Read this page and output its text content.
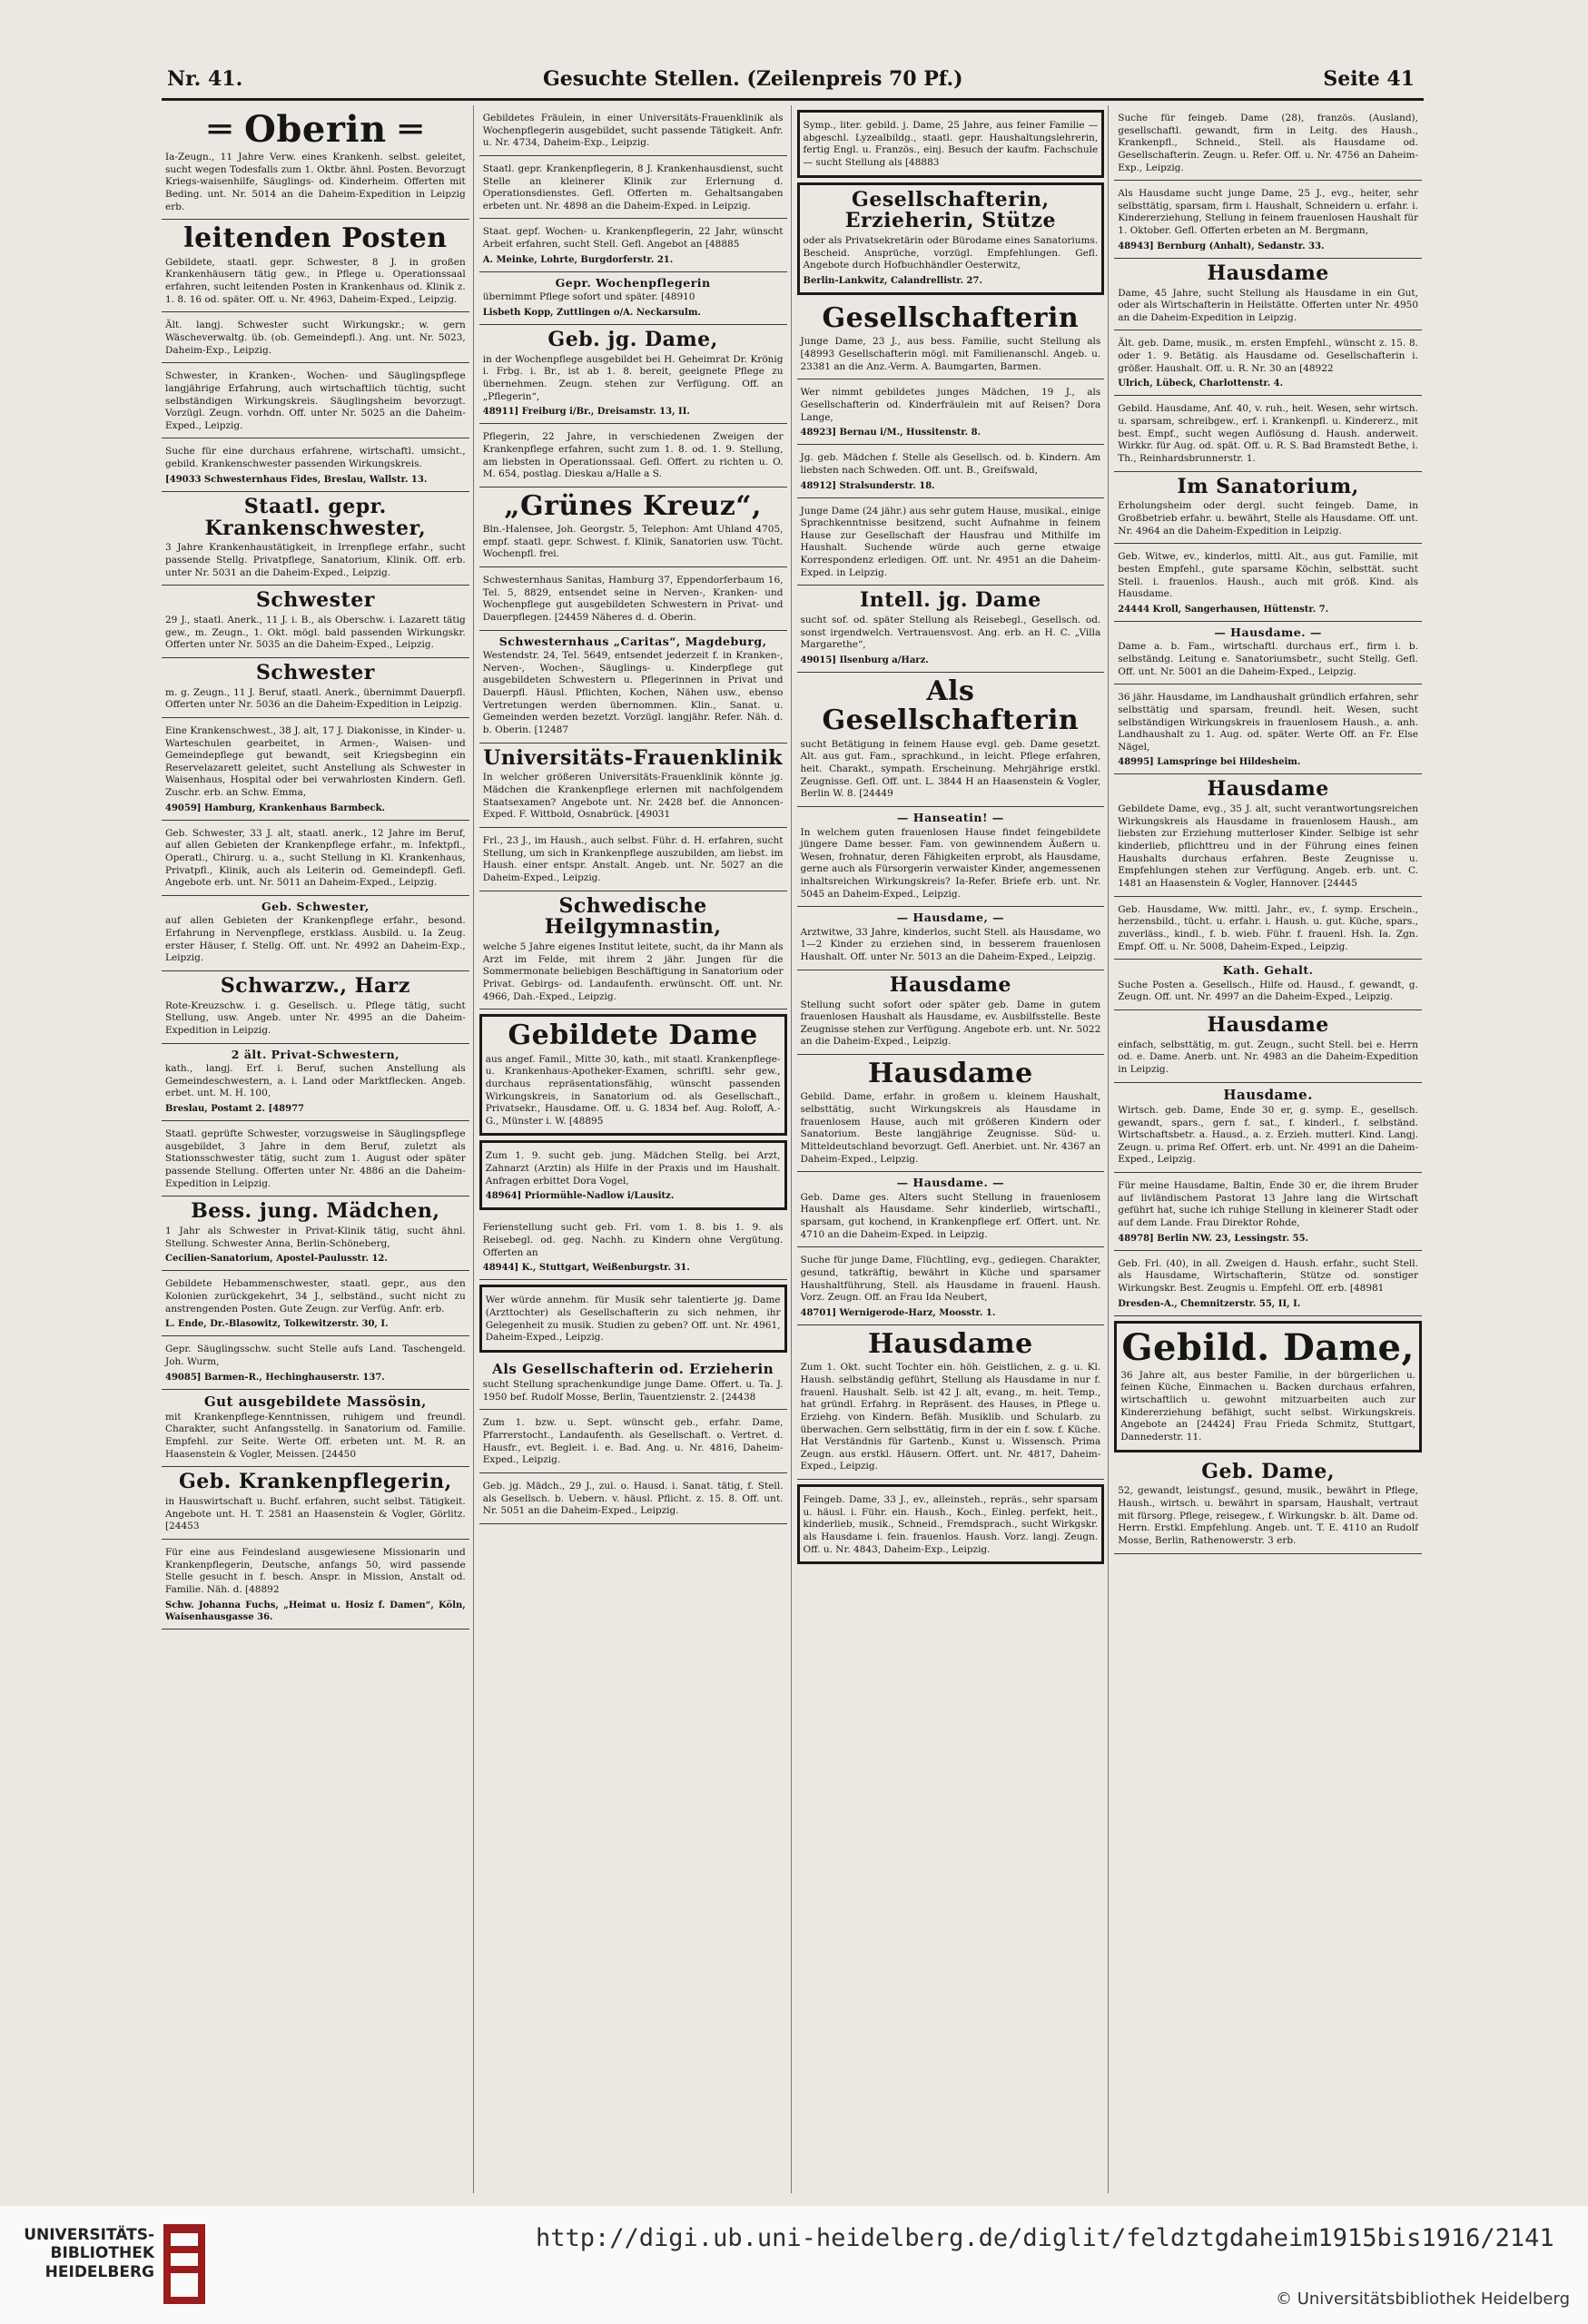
Nr. 41.	Gesuchte Stellen. (Zeilenpreis 70 Pf.)	Seite 41
═ Oberin ═
Ia-Zeugn., 11 Jahre Verw. eines Krankenh. selbst. geleitet, sucht wegen Todesfalls zum 1. Oktbr. ähnl. Posten. Bevorzugt Kriegs-waisenhilfe, Säuglings- od. Kinderheim. Offerten mit Beding. unt. Nr. 5014 an die Daheim-Expedition in Leipzig erb.
leitenden Posten
Gebildete, staatl. gepr. Schwester, 8 J. in großen Krankenhäusern tätig gew., in Pflege u. Operationssaal erfahren, sucht leitenden Posten in Krankenhaus od. Klinik z. 1. 8. 16 od. später. Off. u. Nr. 4963, Daheim-Exped., Leipzig.
Ält. langj. Schwester sucht Wirkungskr.; w. gern Wäscheverwaltg. üb. (ob. Gemeindepfl.). Ang. unt. Nr. 5023, Daheim-Exp., Leipzig.
Schwester, in Kranken-, Wochen- und Säuglingspflege langjährige Erfahrung, auch wirtschaftlich tüchtig, sucht selbständigen Wirkungskreis. Säuglingsheim bevorzugt. Vorzügl. Zeugn. vorhdn. Off. unter Nr. 5025 an die Daheim-Exped., Leipzig.
Suche für eine durchaus erfahrene, wirtschaftl. umsicht., gebild. Krankenschwester passenden Wirkungskreis.
[49033 Schwesternhaus Fides, Breslau, Wallstr. 13.
Staatl. gepr. Krankenschwester,
3 Jahre Krankenhaustätigkeit, in Irrenpflege erfahr., sucht passende Stellg. Privatpflege, Sanatorium, Klinik. Off. erb. unter Nr. 5031 an die Daheim-Exped., Leipzig.
Schwester
29 J., staatl. Anerk., 11 J. i. B., als Oberschw. i. Lazarett tätig gew., m. Zeugn., 1. Okt. mögl. bald passenden Wirkungskr. Offerten unter Nr. 5035 an die Daheim-Exped., Leipzig.
Schwester
m. g. Zeugn., 11 J. Beruf, staatl. Anerk., übernimmt Dauerpfl. Offerten unter Nr. 5036 an die Daheim-Expedition in Leipzig.
Eine Krankenschwest., 38 J. alt, 17 J. Diakonisse, in Kinder- u. Warteschulen gearbeitet, in Armen-, Waisen- und Gemeindepflege gut bewandt, seit Kriegsbeginn ein Reservelazarett geleitet, sucht Anstellung als Schwester in Waisenhaus, Hospital oder bei verwahrlosten Kindern. Gefl. Zuschr. erb. an Schw. Emma,
49059] Hamburg, Krankenhaus Barmbeck.
Geb. Schwester, 33 J. alt, staatl. anerk., 12 Jahre im Beruf, auf allen Gebieten der Krankenpflege erfahr., m. Infektpfl., Operatl., Chirurg. u. a., sucht Stellung in Kl. Krankenhaus, Privatpfl., Klinik, auch als Leiterin od. Gemeindepfl. Gefl. Angebote erb. unt. Nr. 5011 an Daheim-Exped., Leipzig.
Geb. Schwester,
auf allen Gebieten der Krankenpflege erfahr., besond. Erfahrung in Nervenpflege, erstklass. Ausbild. u. Ia Zeug. erster Häuser, f. Stellg. Off. unt. Nr. 4992 an Daheim-Exp., Leipzig.
Schwarzw., Harz
Rote-Kreuzschw. i. g. Gesellsch. u. Pflege tätig, sucht Stellung, usw. Angeb. unter Nr. 4995 an die Daheim-Expedition in Leipzig.
2 ält. Privat-Schwestern,
kath., langj. Erf. i. Beruf, suchen Anstellung als Gemeindeschwestern, a. i. Land oder Marktflecken. Angeb. erbet. unt. M. H. 100,
Breslau, Postamt 2. [48977
Staatl. geprüfte Schwester, vorzugsweise in Säuglingspflege ausgebildet, 3 Jahre in dem Beruf, zuletzt als Stationsschwester tätig, sucht zum 1. August oder später passende Stellung. Offerten unter Nr. 4886 an die Daheim-Expedition in Leipzig.
Bess. jung. Mädchen,
1 Jahr als Schwester in Privat-Klinik tätig, sucht ähnl. Stellung. Schwester Anna, Berlin-Schöneberg,
Cecilien-Sanatorium, Apostel-Paulusstr. 12.
Gebildete Hebammenschwester, staatl. gepr., aus den Kolonien zurückgekehrt, 34 J., selbständ., sucht nicht zu anstrengenden Posten. Gute Zeugn. zur Verfüg. Anfr. erb.
L. Ende, Dr.-Blasowitz, Tolkewitzerstr. 30, I.
Gepr. Säuglingsschw. sucht Stelle aufs Land. Taschengeld. Joh. Wurm,
49085] Barmen-R., Hechinghauserstr. 137.
Gut ausgebildete Massösin,
mit Krankenpflege-Kenntnissen, ruhigem und freundl. Charakter, sucht Anfangsstellg. in Sanatorium od. Familie. Empfehl. zur Seite. Werte Off. erbeten unt. M. R. an Haasenstein & Vogler, Meissen. [24450
Geb. Krankenpflegerin,
in Hauswirtschaft u. Buchf. erfahren, sucht selbst. Tätigkeit. Angebote unt. H. T. 2581 an Haasenstein & Vogler, Görlitz. [24453
Für eine aus Feindesland ausgewiesene Missionarin und Krankenpflegerin, Deutsche, anfangs 50, wird passende Stelle gesucht in f. besch. Anspr. in Mission, Anstalt od. Familie. Näh. d. [48892
Schw. Johanna Fuchs, „Heimat u. Hosiz f. Damen“, Köln, Waisenhausgasse 36.
Gebildetes Fräulein, in einer Universitäts-Frauenklinik als Wochenpflegerin ausgebildet, sucht passende Tätigkeit. Anfr. u. Nr. 4734, Daheim-Exp., Leipzig.
Staatl. gepr. Krankenpflegerin, 8 J. Krankenhausdienst, sucht Stelle an kleinerer Klinik zur Erlernung d. Operationsdienstes. Gefl. Offerten m. Gehaltsangaben erbeten unt. Nr. 4898 an die Daheim-Exped. in Leipzig.
Staat. gepf. Wochen- u. Krankenpflegerin, 22 Jahr, wünscht Arbeit erfahren, sucht Stell. Gefl. Angebot an [48885
A. Meinke, Lohrte, Burgdorferstr. 21.
Gepr. Wochenpflegerin
übernimmt Pflege sofort und später. [48910
Lisbeth Kopp, Zuttlingen o/A. Neckarsulm.
Geb. jg. Dame,
in der Wochenpflege ausgebildet bei H. Geheimrat Dr. Krönig i. Frbg. i. Br., ist ab 1. 8. bereit, geeignete Pflege zu übernehmen. Zeugn. stehen zur Verfügung. Off. an „Pflegerin“,
48911] Freiburg i/Br., Dreisamstr. 13, II.
Pflegerin, 22 Jahre, in verschiedenen Zweigen der Krankenpflege erfahren, sucht zum 1. 8. od. 1. 9. Stellung, am liebsten in Operationssaal. Gefl. Offert. zu richten u. O. M. 654, postlag. Dieskau a/Halle a S.
„Grünes Kreuz“,
Bln.-Halensee, Joh. Georgstr. 5, Telephon: Amt Uhland 4705, empf. staatl. gepr. Schwest. f. Klinik, Sanatorien usw. Tücht. Wochenpfl. frei.
Schwesternhaus Sanitas, Hamburg 37, Eppendorferbaum 16, Tel. 5, 8829, entsendet seine in Nerven-, Kranken- und Wochenpflege gut ausgebildeten Schwestern in Privat- und Dauerpflegen. [24459 Näheres d. d. Oberin.
Schwesternhaus „Caritas“, Magdeburg,
Westendstr. 24, Tel. 5649, entsendet jederzeit f. in Kranken-, Nerven-, Wochen-, Säuglings- u. Kinderpflege gut ausgebildeten Schwestern u. Pflegerinnen in Privat und Dauerpfl. Häusl. Pflichten, Kochen, Nähen usw., ebenso Vertretungen werden übernommen. Klin., Sanat. u. Gemeinden werden bezetzt. Vorzügl. langjähr. Refer. Näh. d. b. Oberin. [12487
Universitäts-Frauenklinik
In welcher größeren Universitäts-Frauenklinik könnte jg. Mädchen die Krankenpflege erlernen mit nachfolgendem Staatsexamen? Angebote unt. Nr. 2428 bef. die Annoncen-Exped. F. Wittbold, Osnabrück. [49031
Frl., 23 J., im Haush., auch selbst. Führ. d. H. erfahren, sucht Stellung, um sich in Krankenpflege auszubilden, am liebst. im Haush. einer entspr. Anstalt. Angeb. unt. Nr. 5027 an die Daheim-Exped., Leipzig.
Schwedische Heilgymnastin,
welche 5 Jahre eigenes Institut leitete, sucht, da ihr Mann als Arzt im Felde, mit ihrem 2 jähr. Jungen für die Sommermonate beliebigen Beschäftigung in Sanatorium oder Privat. Gebirgs- od. Landaufenth. erwünscht. Off. unt. Nr. 4966, Dah.-Exped., Leipzig.
Gebildete Dame
aus angef. Famil., Mitte 30, kath., mit staatl. Krankenpflege- u. Krankenhaus-Apotheker-Examen, schriftl. sehr gew., durchaus repräsentationsfähig, wünscht passenden Wirkungskreis, in Sanatorium od. als Gesellschaft., Privatsekr., Hausdame. Off. u. G. 1834 bef. Aug. Roloff, A.-G., Münster i. W. [48895
Zum 1. 9. sucht geb. jung. Mädchen Stellg. bei Arzt, Zahnarzt (Arztin) als Hilfe in der Praxis und im Haushalt. Anfragen erbittet Dora Vogel,
48964] Priormühle-Nadlow i/Lausitz.
Ferienstellung sucht geb. Frl. vom 1. 8. bis 1. 9. als Reisebegl. od. geg. Nachh. zu Kindern ohne Vergütung. Offerten an
48944] K., Stuttgart, Weißenburgstr. 31.
Wer würde annehm. für Musik sehr talentierte jg. Dame (Arzttochter) als Gesellschafterin zu sich nehmen, ihr Gelegenheit zu musik. Studien zu geben? Off. unt. Nr. 4961, Daheim-Exped., Leipzig.
Als Gesellschafterin od. Erzieherin
sucht Stellung sprachenkundige junge Dame. Offert. u. Ta. J. 1950 bef. Rudolf Mosse, Berlin, Tauentzienstr. 2. [24438
Zum 1. bzw. u. Sept. wünscht geb., erfahr. Dame, Pfarrerstocht., Landaufenth. als Gesellschaft. o. Vertret. d. Hausfr., evt. Begleit. i. e. Bad. Ang. u. Nr. 4816, Daheim-Exped., Leipzig.
Geb. jg. Mädch., 29 J., zul. o. Hausd. i. Sanat. tätig, f. Stell. als Gesellsch. b. Uebern. v. häusl. Pflicht. z. 15. 8. Off. unt. Nr. 5051 an die Daheim-Exped., Leipzig.
Symp., liter. gebild. j. Dame, 25 Jahre, aus feiner Familie — abgeschl. Lyzealbildg., staatl. gepr. Haushaltungslehrerin, fertig Engl. u. Französ., einj. Besuch der kaufm. Fachschule — sucht Stellung als [48883
Gesellschafterin, Erzieherin, Stütze
oder als Privatsekretärin oder Bürodame eines Sanatoriums. Bescheid. Ansprüche, vorzügl. Empfehlungen. Gefl. Angebote durch Hofbuchhändler Oesterwitz,
Berlin-Lankwitz, Calandrellistr. 27.
Gesellschafterin
Junge Dame, 23 J., aus bess. Familie, sucht Stellung als [48993 Gesellschafterin mögl. mit Familienanschl. Angeb. u. 23381 an die Anz.-Verm. A. Baumgarten, Barmen.
Wer nimmt gebildetes junges Mädchen, 19 J., als Gesellschafterin od. Kinderfräulein mit auf Reisen? Dora Lange,
48923] Bernau i/M., Hussitenstr. 8.
Jg. geb. Mädchen f. Stelle als Gesellsch. od. b. Kindern. Am liebsten nach Schweden. Off. unt. B., Greifswald,
48912] Stralsunderstr. 18.
Junge Dame (24 jähr.) aus sehr gutem Hause, musikal., einige Sprachkenntnisse besitzend, sucht Aufnahme in feinem Hause zur Gesellschaft der Hausfrau und Mithilfe im Haushalt. Suchende würde auch gerne etwaige Korrespondenz erledigen. Off. unt. Nr. 4951 an die Daheim-Exped. in Leipzig.
Intell. jg. Dame
sucht sof. od. später Stellung als Reisebegl., Gesellsch. od. sonst irgendwelch. Vertrauensvost. Ang. erb. an H. C. „Villa Margarethe“,
49015] Ilsenburg a/Harz.
Als Gesellschafterin
sucht Betätigung in feinem Hause evgl. geb. Dame gesetzt. Alt. aus gut. Fam., sprachkund., in leicht. Pflege erfahren, heit. Charakt., sympath. Erscheinung. Mehrjährige erstkl. Zeugnisse. Gefl. Off. unt. L. 3844 H an Haasenstein & Vogler, Berlin W. 8. [24449
— Hanseatin! —
In welchem guten frauenlosen Hause findet feingebildete jüngere Dame besser. Fam. von gewinnendem Äußern u. Wesen, frohnatur, deren Fähigkeiten erprobt, als Hausdame, gerne auch als Fürsorgerin verwaister Kinder, angemessenen inhaltsreichen Wirkungskreis? Ia-Refer. Briefe erb. unt. Nr. 5045 an Daheim-Exped., Leipzig.
— Hausdame, —
Arztwitwe, 33 Jahre, kinderlos, sucht Stell. als Hausdame, wo 1—2 Kinder zu erziehen sind, in besserem frauenlosen Haushalt. Off. unter Nr. 5013 an die Daheim-Exped., Leipzig.
Hausdame
Stellung sucht sofort oder später geb. Dame in gutem frauenlosen Haushalt als Hausdame, ev. Ausbilfsstelle. Beste Zeugnisse stehen zur Verfügung. Angebote erb. unt. Nr. 5022 an die Daheim-Exped., Leipzig.
Hausdame
Gebild. Dame, erfahr. in großem u. kleinem Haushalt, selbsttätig, sucht Wirkungskreis als Hausdame in frauenlosem Hause, auch mit größeren Kindern oder Sanatorium. Beste langjährige Zeugnisse. Süd- u. Mitteldeutschland bevorzugt. Gefl. Anerbiet. unt. Nr. 4367 an Daheim-Exped., Leipzig.
— Hausdame. —
Geb. Dame ges. Alters sucht Stellung in frauenlosem Haushalt als Hausdame. Sehr kinderlieb, wirtschaftl., sparsam, gut kochend, in Krankenpflege erf. Offert. unt. Nr. 4710 an die Daheim-Exped. in Leipzig.
Suche für junge Dame, Flüchtling, evg., gediegen. Charakter, gesund, tatkräftig, bewährt in Küche und sparsamer Haushaltführung, Stell. als Hausdame in frauenl. Haush. Vorz. Zeugn. Off. an Frau Ida Neubert,
48701] Wernigerode-Harz, Moosstr. 1.
Hausdame
Zum 1. Okt. sucht Tochter ein. höh. Geistlichen, z. g. u. Kl. Haush. selbständig geführt, Stellung als Hausdame in nur f. frauenl. Haushalt. Selb. ist 42 J. alt, evang., m. heit. Temp., hat gründl. Erfahrg. in Repräsent. des Hauses, in Pflege u. Erziehg. von Kindern. Befäh. Musiklib. und Schularb. zu überwachen. Gern selbsttätig, firm in der ein f. sow. f. Küche. Hat Verständnis für Gartenb., Kunst u. Wissensch. Prima Zeugn. aus erstkl. Häusern. Offert. unt. Nr. 4817, Daheim-Exped., Leipzig.
Feingeb. Dame, 33 J., ev., alleinsteh., repräs., sehr sparsam u. häusl. i. Führ. ein. Haush., Koch., Einleg. perfekt, heit., kinderlieb, musik., Schneid., Fremdsprach., sucht Wirkgskr. als Hausdame i. fein. frauenlos. Haush. Vorz. langj. Zeugn. Off. u. Nr. 4843, Daheim-Exp., Leipzig.
Suche für feingeb. Dame (28), französ. (Ausland), gesellschaftl. gewandt, firm in Leitg. des Haush., Krankenpfl., Schneid., Stell. als Hausdame od. Gesellschafterin. Zeugn. u. Refer. Off. u. Nr. 4756 an Daheim-Exp., Leipzig.
Als Hausdame sucht junge Dame, 25 J., evg., heiter, sehr selbsttätig, sparsam, firm i. Haushalt, Schneidern u. erfahr. i. Kindererziehung, Stellung in feinem frauenlosen Haushalt für 1. Oktober. Gefl. Offerten erbeten an M. Bergmann,
48943] Bernburg (Anhalt), Sedanstr. 33.
Hausdame
Dame, 45 Jahre, sucht Stellung als Hausdame in ein Gut, oder als Wirtschafterin in Heilstätte. Offerten unter Nr. 4950 an die Daheim-Expedition in Leipzig.
Ält. geb. Dame, musik., m. ersten Empfehl., wünscht z. 15. 8. oder 1. 9. Betätig. als Hausdame od. Gesellschafterin i. größer. Haushalt. Off. u. R. Nr. 30 an [48922
Ulrich, Lübeck, Charlottenstr. 4.
Gebild. Hausdame, Anf. 40, v. ruh., heit. Wesen, sehr wirtsch. u. sparsam, schreibgew., erf. i. Krankenpfl. u. Kindererz., mit best. Empf., sucht wegen Auflösung d. Haush. anderweit. Wirkkr. für Aug. od. spät. Off. u. R. S. Bad Bramstedt Bethe, i. Th., Reinhardsbrunnerstr. 1.
Im Sanatorium,
Erholungsheim oder dergl. sucht feingeb. Dame, in Großbetrieb erfahr. u. bewährt, Stelle als Hausdame. Off. unt. Nr. 4964 an die Daheim-Expedition in Leipzig.
Geb. Witwe, ev., kinderlos, mittl. Alt., aus gut. Familie, mit besten Empfehl., gute sparsame Köchin, selbsttät. sucht Stell. i. frauenlos. Haush., auch mit größ. Kind. als Hausdame.
24444 Kroll, Sangerhausen, Hüttenstr. 7.
— Hausdame. —
Dame a. b. Fam., wirtschaftl. durchaus erf., firm i. b. selbständg. Leitung e. Sanatoriumsbetr., sucht Stellg. Gefl. Off. unt. Nr. 5001 an die Daheim-Exped., Leipzig.
36 jähr. Hausdame, im Landhaushalt gründlich erfahren, sehr selbsttätig und sparsam, freundl. heit. Wesen, sucht selbständigen Wirkungskreis in frauenlosem Haush., a. anh. Landhaushalt zu 1. Aug. od. später. Werte Off. an Fr. Else Nägel,
48995] Lamspringe bei Hildesheim.
Hausdame
Gebildete Dame, evg., 35 J. alt, sucht verantwortungsreichen Wirkungskreis als Hausdame in frauenlosem Haush., am liebsten zur Erziehung mutterloser Kinder. Selbige ist sehr kinderlieb, pflichttreu und in der Führung eines feinen Haushalts durchaus erfahren. Beste Zeugnisse u. Empfehlungen stehen zur Verfügung. Angeb. erb. unt. C. 1481 an Haasenstein & Vogler, Hannover. [24445
Geb. Hausdame, Ww. mittl. Jahr., ev., f. symp. Erschein., herzensbild., tücht. u. erfahr. i. Haush. u. gut. Küche, spars., zuverläss., kindl., f. b. wieb. Führ. f. frauenl. Hsh. Ia. Zgn. Empf. Off. u. Nr. 5008, Daheim-Exped., Leipzig.
Kath. Gehalt.
Suche Posten a. Gesellsch., Hilfe od. Hausd., f. gewandt, g. Zeugn. Off. unt. Nr. 4997 an die Daheim-Exped., Leipzig.
Hausdame
einfach, selbsttätig, m. gut. Zeugn., sucht Stell. bei e. Herrn od. e. Dame. Anerb. unt. Nr. 4983 an die Daheim-Expedition in Leipzig.
Hausdame.
Wirtsch. geb. Dame, Ende 30 er, g. symp. E., gesellsch. gewandt, spars., gern f. sat., f. kinderl., f. selbständ. Wirtschaftsbetr. a. Hausd., a. z. Erzieh. mutterl. Kind. Langj. Zeugn. u. prima Ref. Offert. erb. unt. Nr. 4991 an die Daheim-Exped., Leipzig.
Für meine Hausdame, Baltin, Ende 30 er, die ihrem Bruder auf livländischem Pastorat 13 Jahre lang die Wirtschaft geführt hat, suche ich ruhige Stellung in kleinerer Stadt oder auf dem Lande. Frau Direktor Rohde,
48978] Berlin NW. 23, Lessingstr. 55.
Geb. Frl. (40), in all. Zweigen d. Haush. erfahr., sucht Stell. als Hausdame, Wirtschafterin, Stütze od. sonstiger Wirkungskr. Best. Zeugnis u. Empfehl. Off. erb. [48981
Dresden-A., Chemnitzerstr. 55, II, I.
Gebild. Dame,
36 Jahre alt, aus bester Familie, in der bürgerlichen u. feinen Küche, Einmachen u. Backen durchaus erfahren, wirtschaftlich u. gewohnt mitzuarbeiten auch zur Kindererziehung befähigt, sucht selbst. Wirkungskreis. Angebote an [24424] Frau Frieda Schmitz, Stuttgart, Dannederstr. 11.
Geb. Dame,
52, gewandt, leistungsf., gesund, musik., bewährt in Pflege, Haush., wirtsch. u. bewährt in sparsam, Haushalt, vertraut mit fürsorg. Pflege, reisegew., f. Wirkungskr. b. ält. Dame od. Herrn. Erstkl. Empfehlung. Angeb. unt. T. E. 4110 an Rudolf Mosse, Berlin, Rathenowerstr. 3 erb.
UNIVERSITÄTS-
BIBLIOTHEK
HEIDELBERG
http://digi.ub.uni-heidelberg.de/diglit/feldztgdaheim1915bis1916/2141
© Universitätsbibliothek Heidelberg
